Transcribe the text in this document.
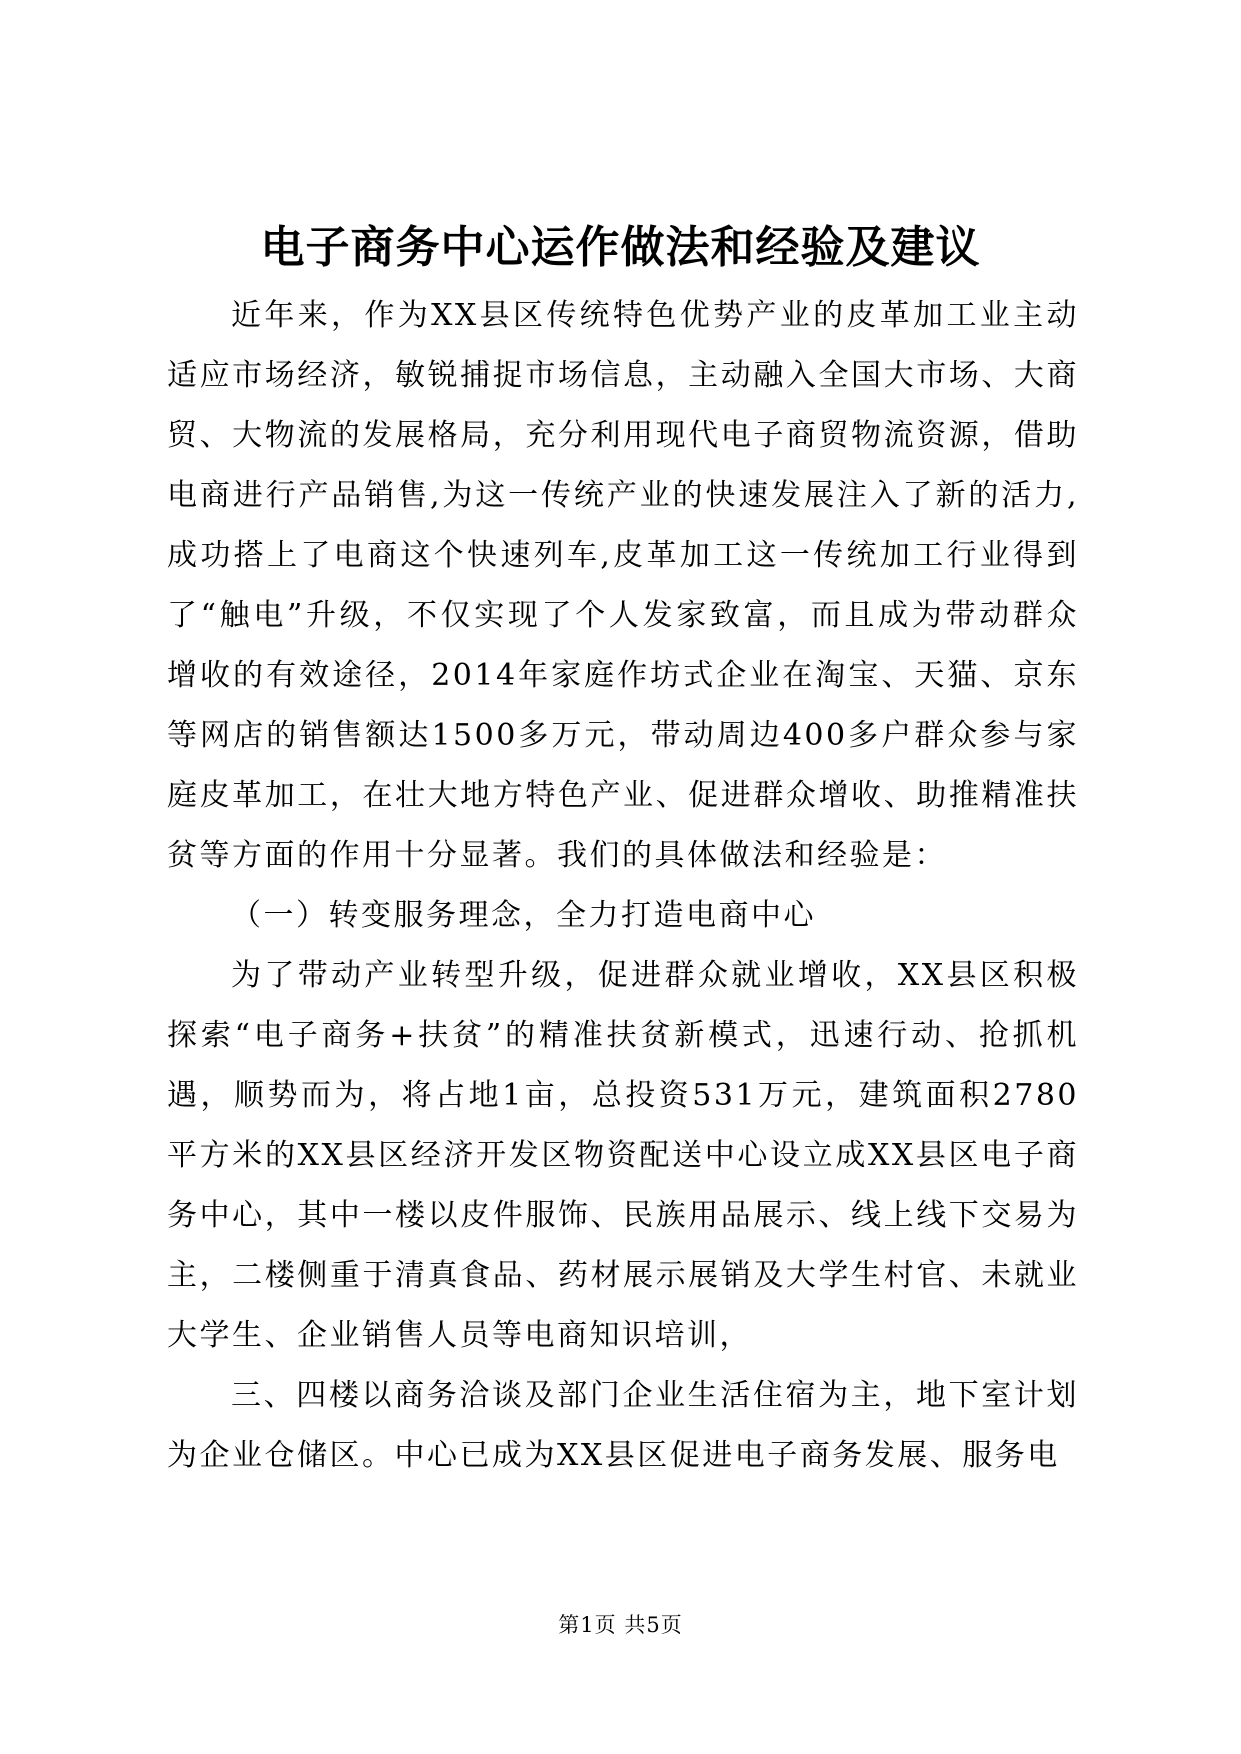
电子商务中心运作做法和经验及建议

近年来，作为XX县区传统特色优势产业的皮革加工业主动适应市场经济，敏锐捕捉市场信息，主动融入全国大市场、大商贸、大物流的发展格局，充分利用现代电子商贸物流资源，借助电商进行产品销售,为这一传统产业的快速发展注入了新的活力,成功搭上了电商这个快速列车,皮革加工这一传统加工行业得到了“触电”升级，不仅实现了个人发家致富，而且成为带动群众增收的有效途径，2014年家庭作坊式企业在淘宝、天猫、京东等网店的销售额达1500多万元，带动周边400多户群众参与家庭皮革加工，在壮大地方特色产业、促进群众增收、助推精准扶贫等方面的作用十分显著。我们的具体做法和经验是：

（一）转变服务理念，全力打造电商中心

为了带动产业转型升级，促进群众就业增收，XX县区积极探索“电子商务+扶贫”的精准扶贫新模式，迅速行动、抢抓机遇，顺势而为，将占地1亩，总投资531万元，建筑面积2780平方米的XX县区经济开发区物资配送中心设立成XX县区电子商务中心，其中一楼以皮件服饰、民族用品展示、线上线下交易为主，二楼侧重于清真食品、药材展示展销及大学生村官、未就业大学生、企业销售人员等电商知识培训，

三、四楼以商务洽谈及部门企业生活住宿为主，地下室计划为企业仓储区。中心已成为XX县区促进电子商务发展、服务电

第1页 共5页
